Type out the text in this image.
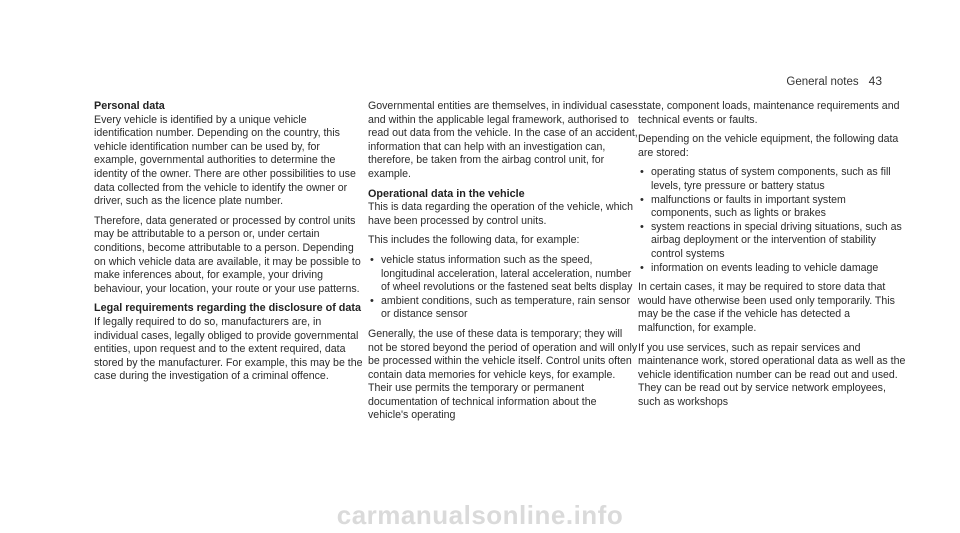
General notes 43
Personal data

Every vehicle is identified by a unique vehicle identification number. Depending on the country, this vehicle identification number can be used by, for example, governmental authorities to determine the identity of the owner. There are other possibilities to use data collected from the vehicle to identify the owner or driver, such as the licence plate number.

Therefore, data generated or processed by control units may be attributable to a person or, under certain conditions, become attributable to a person. Depending on which vehicle data are available, it may be possible to make inferences about, for example, your driving behaviour, your location, your route or your use patterns.

Legal requirements regarding the disclosure of data

If legally required to do so, manufacturers are, in individual cases, legally obliged to provide governmental entities, upon request and to the extent required, data stored by the manufacturer. For example, this may be the case during the investigation of a criminal offence.

Governmental entities are themselves, in individual cases and within the applicable legal framework, authorised to read out data from the vehicle. In the case of an accident, information that can help with an investigation can, therefore, be taken from the airbag control unit, for example.

Operational data in the vehicle

This is data regarding the operation of the vehicle, which have been processed by control units.

This includes the following data, for example:

• vehicle status information such as the speed, longitudinal acceleration, lateral acceleration, number of wheel revolutions or the fastened seat belts display
• ambient conditions, such as temperature, rain sensor or distance sensor

Generally, the use of these data is temporary; they will not be stored beyond the period of operation and will only be processed within the vehicle itself. Control units often contain data memories for vehicle keys, for example. Their use permits the temporary or permanent documentation of technical information about the vehicle's operating

state, component loads, maintenance requirements and technical events or faults.

Depending on the vehicle equipment, the following data are stored:

• operating status of system components, such as fill levels, tyre pressure or battery status
• malfunctions or faults in important system components, such as lights or brakes
• system reactions in special driving situations, such as airbag deployment or the intervention of stability control systems
• information on events leading to vehicle damage

In certain cases, it may be required to store data that would have otherwise been used only temporarily. This may be the case if the vehicle has detected a malfunction, for example.

If you use services, such as repair services and maintenance work, stored operational data as well as the vehicle identification number can be read out and used. They can be read out by service network employees, such as workshops

carmanualsonline.info
